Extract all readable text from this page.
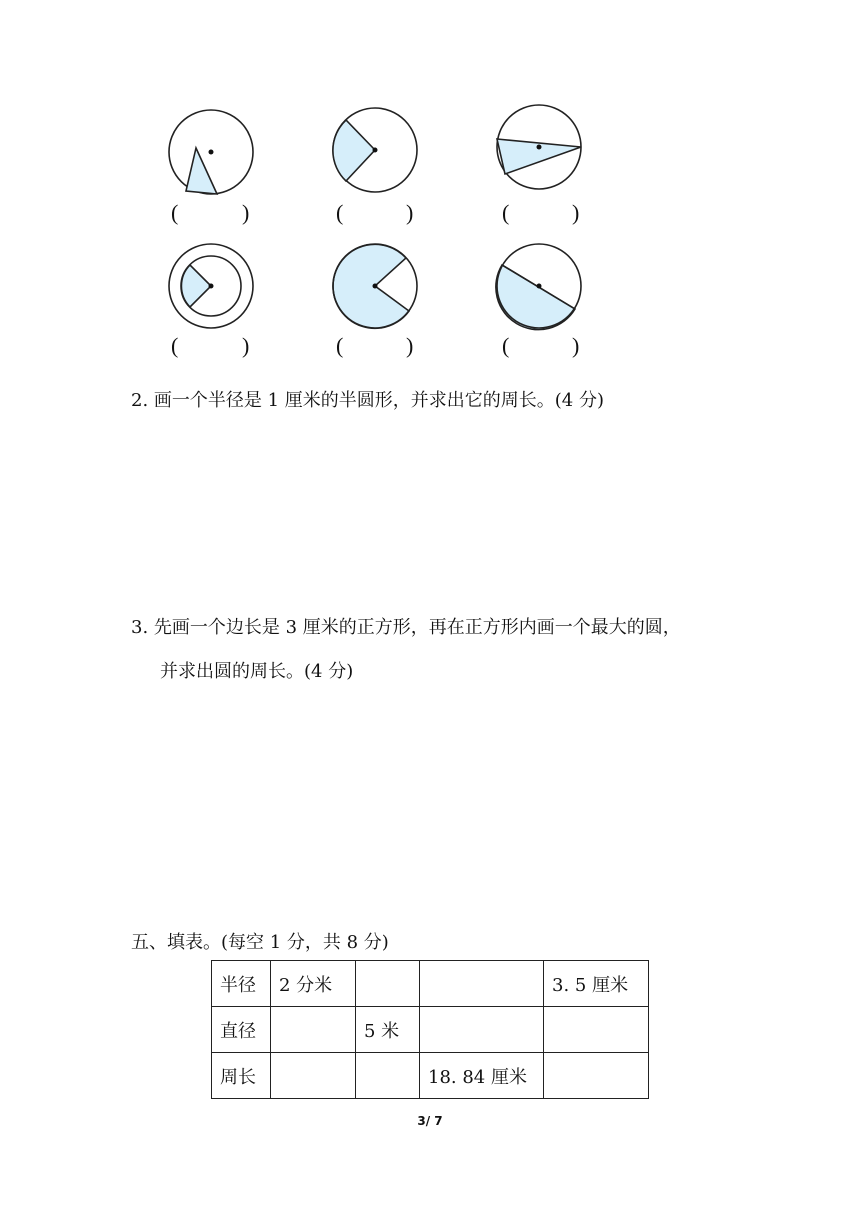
(	)	(	)	(	)
(	)	(	)	(	)
2. 画一个半径是 1 厘米的半圆形，并求出它的周长。(4 分)
3. 先画一个边长是 3 厘米的正方形，再在正方形内画一个最大的圆，
并求出圆的周长。(4 分)
五、填表。(每空 1 分，共 8 分)
半径	2 分米			3. 5 厘米
直径		5 米		
周长			18. 84 厘米	
3/ 7
